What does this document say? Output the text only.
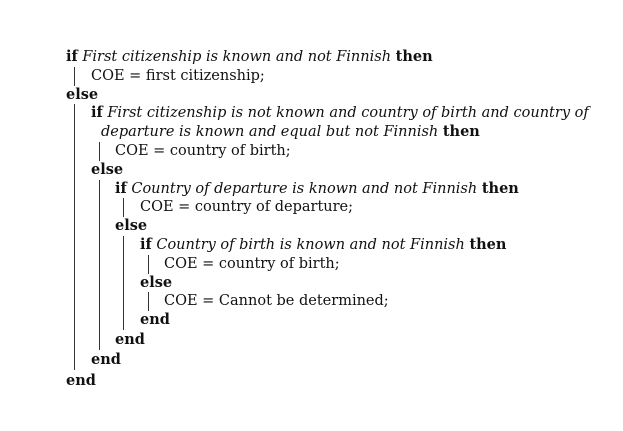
if First citizenship is known and not Finnish then
COE = first citizenship;
else
if First citizenship is not known and country of birth and country of
departure is known and equal but not Finnish then
COE = country of birth;
else
if Country of departure is known and not Finnish then
COE = country of departure;
else
if Country of birth is known and not Finnish then
COE = country of birth;
else
COE = Cannot be determined;
end
end
end
end
